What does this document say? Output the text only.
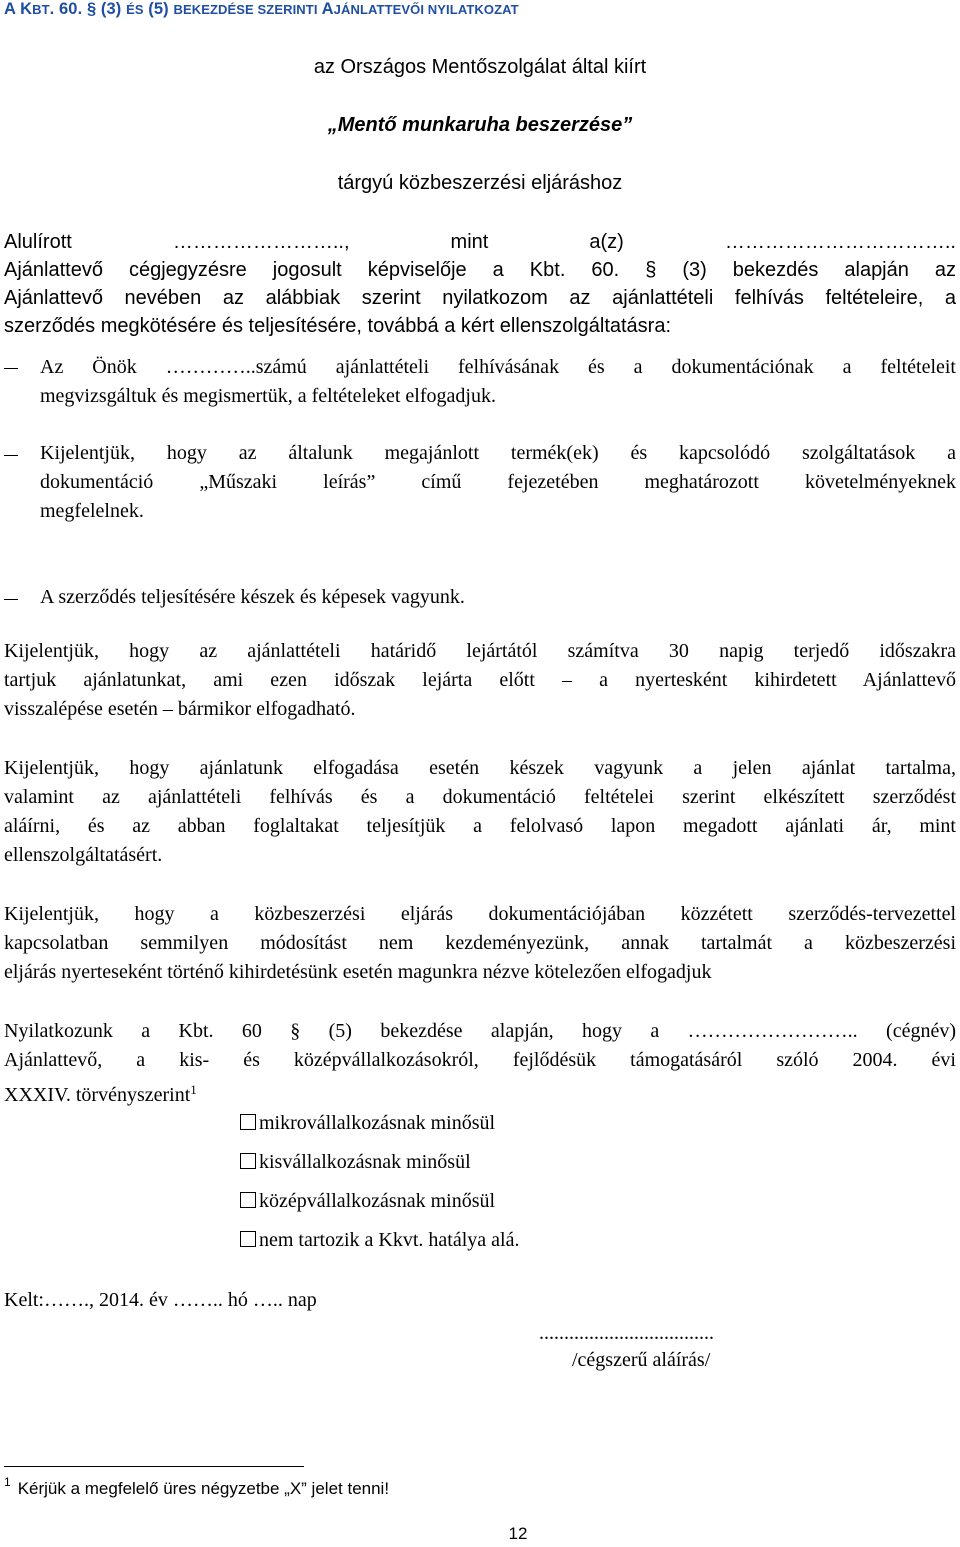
A KBT. 60. § (3) ÉS (5) BEKEZDÉSE SZERINTI AJÁNLATTEVŐI NYILATKOZAT
az Országos Mentőszolgálat által kiírt
„Mentő munkaruha beszerzése”
tárgyú közbeszerzési eljáráshoz
Alulírott	……………………..,	mint	a(z)	……………………………..
Ajánlattevő cégjegyzésre jogosult képviselője a Kbt. 60. § (3) bekezdés alapján az
Ajánlattevő nevében az alábbiak szerint nyilatkozom az ajánlattételi felhívás feltételeire, a
szerződés megkötésére és teljesítésére, továbbá a kért ellenszolgáltatásra:
Az Önök …………..számú ajánlattételi felhívásának és a dokumentációnak a feltételeit
megvizsgáltuk és megismertük, a feltételeket elfogadjuk.
Kijelentjük, hogy az általunk megajánlott termék(ek) és kapcsolódó szolgáltatások a
dokumentáció „Műszaki leírás” című fejezetében meghatározott követelményeknek
megfelelnek.
A szerződés teljesítésére készek és képesek vagyunk.
Kijelentjük, hogy az ajánlattételi határidő lejártától számítva 30 napig terjedő időszakra
tartjuk ajánlatunkat, ami ezen időszak lejárta előtt – a nyertesként kihirdetett Ajánlattevő
visszalépése esetén – bármikor elfogadható.
Kijelentjük, hogy ajánlatunk elfogadása esetén készek vagyunk a jelen ajánlat tartalma,
valamint az ajánlattételi felhívás és a dokumentáció feltételei szerint elkészített szerződést
aláírni, és az abban foglaltakat teljesítjük a felolvasó lapon megadott ajánlati ár, mint
ellenszolgáltatásért.
Kijelentjük, hogy a közbeszerzési eljárás dokumentációjában közzétett szerződés-tervezettel
kapcsolatban semmilyen módosítást nem kezdeményezünk, annak tartalmát a közbeszerzési
eljárás nyerteseként történő kihirdetésünk esetén magunkra nézve kötelezően elfogadjuk
Nyilatkozunk a Kbt. 60 § (5) bekezdése alapján, hogy a …………………….. (cégnév)
Ajánlattevő, a kis- és középvállalkozásokról, fejlődésük támogatásáról szóló 2004. évi
XXXIV. törvényszerint$^1$
mikrovállalkozásnak minősül
kisvállalkozásnak minősül
középvállalkozásnak minősül
nem tartozik a Kkvt. hatálya alá.
Kelt:……., 2014. év …….. hó ….. nap
...................................
/cégszerű aláírás/
$^1$ Kérjük a megfelelő üres négyzetbe „X” jelet tenni!
12
